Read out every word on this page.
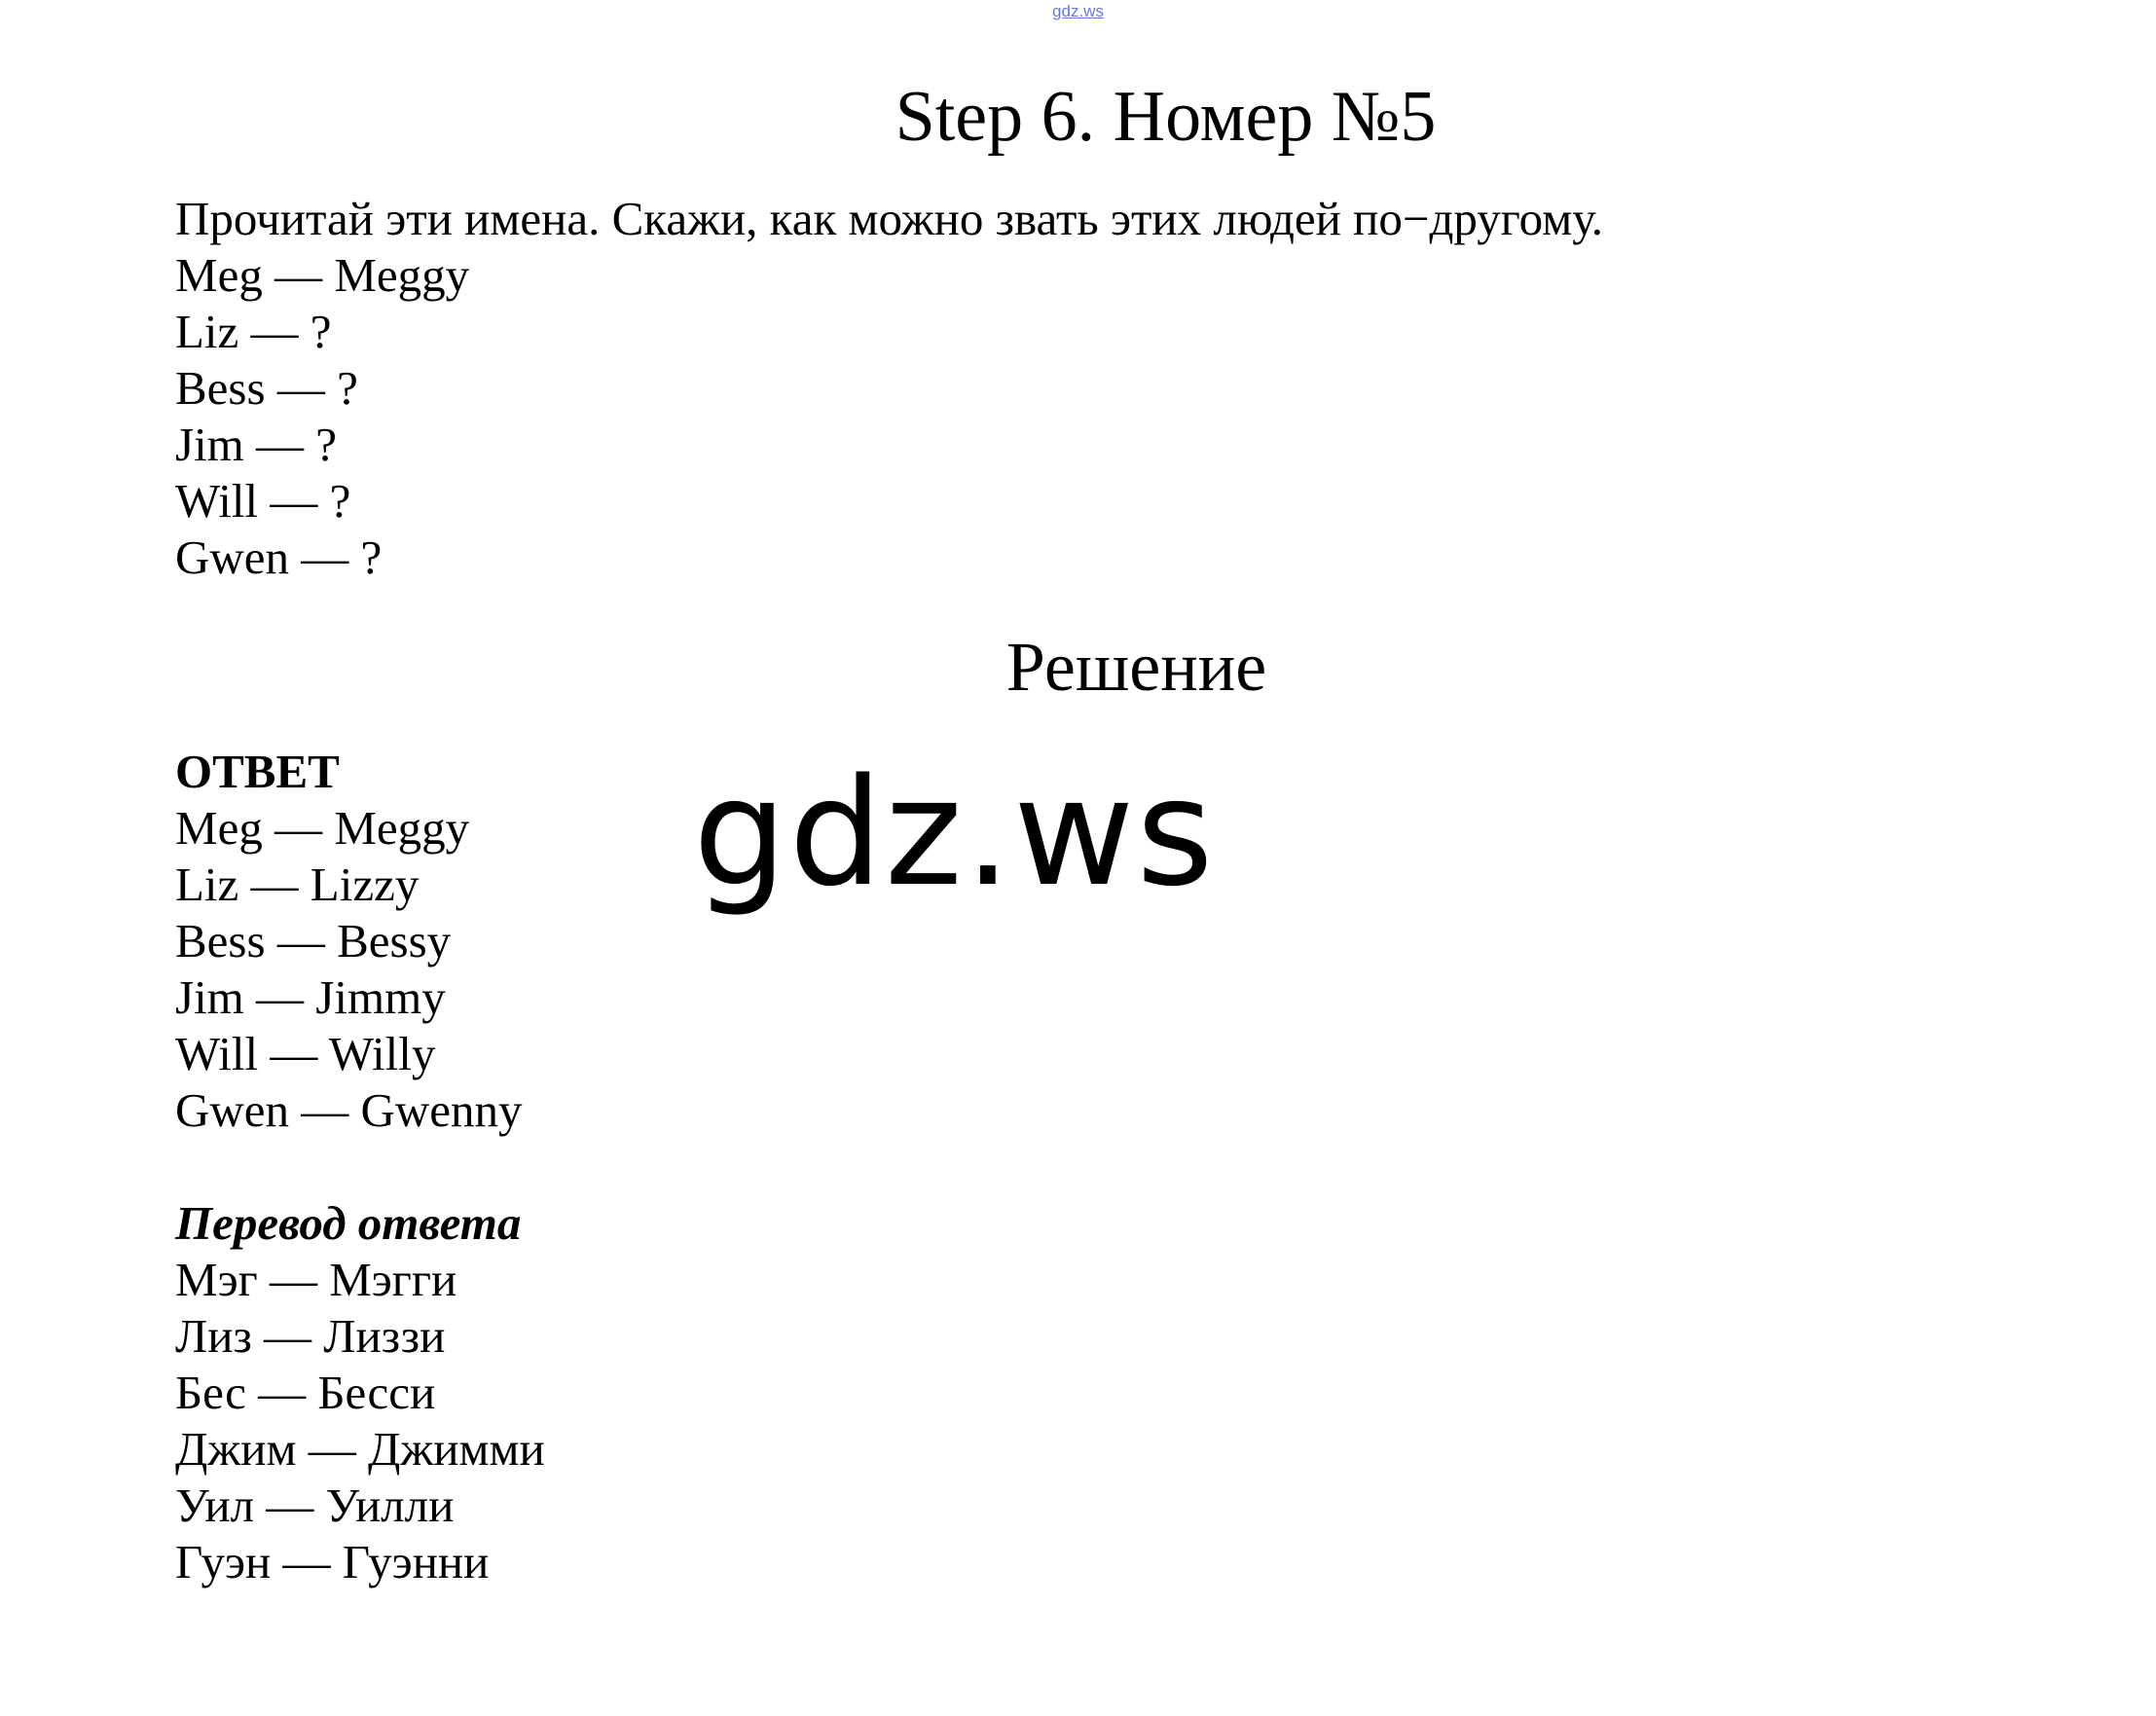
gdz.ws
Step 6. Номер №5
Прочитай эти имена. Скажи, как можно звать этих людей по−другому.
Meg — Meggy
Liz — ?
Bess — ?
Jim — ?
Will — ?
Gwen — ?
Решение
ОТВЕТ
Meg — Meggy
Liz — Lizzy
Bess — Bessy
Jim — Jimmy
Will — Willy
Gwen — Gwenny
gdz.ws
Перевод ответа
Мэг — Мэгги
Лиз — Лиззи
Бес — Бесси
Джим — Джимми
Уил — Уилли
Гуэн — Гуэнни
